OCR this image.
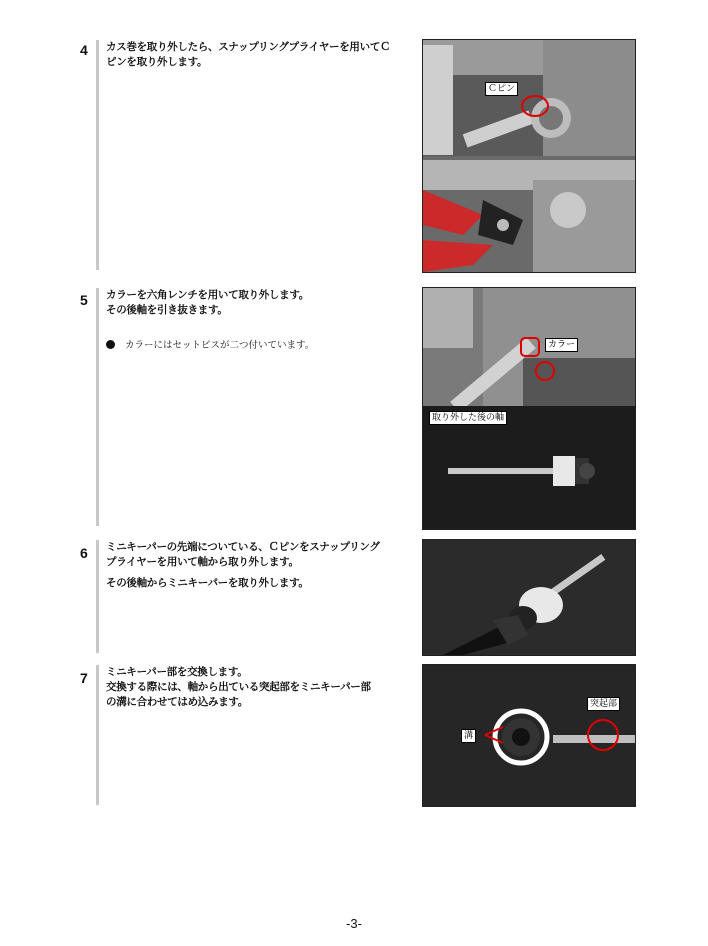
4 カス巻を取り外したら、スナップリングプライヤーを用いてＣ

ピンを取り外します。

Ｃピン
5 カラーを六角レンチを用いて取り外します。

その後軸を引き抜きます。

カラーにはセットビスが二つ付いています。	カラー
取り外した後の軸
6 ミニキーパーの先端についている、Ｃピンをスナップリング

プライヤーを用いて軸から取り外します。

その後軸からミニキーパーを取り外します。

7 ミニキーパー部を交換します。

交換する際には、軸から出ている突起部をミニキーパー部

の溝に合わせてはめ込みます。

溝
突起部
-3-
